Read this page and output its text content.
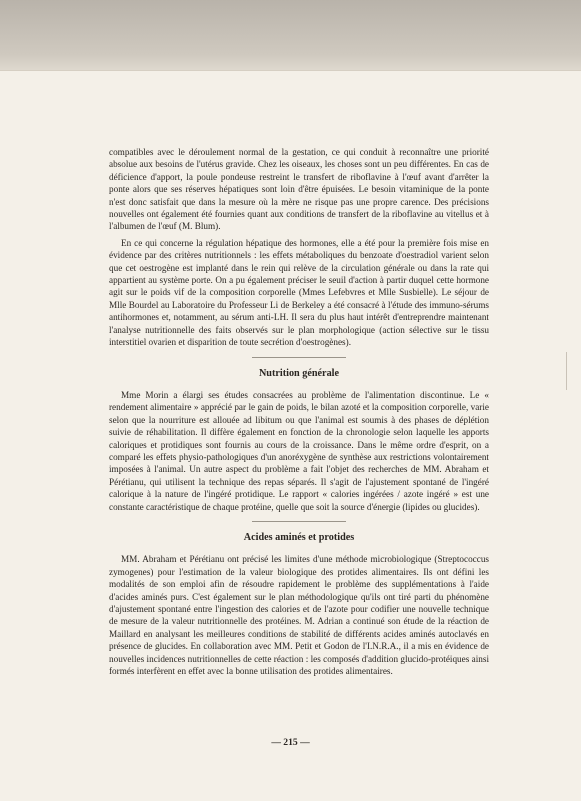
compatibles avec le déroulement normal de la gestation, ce qui conduit à reconnaître une priorité absolue aux besoins de l'utérus gravide. Chez les oiseaux, les choses sont un peu différentes. En cas de déficience d'apport, la poule pondeuse restreint le transfert de riboflavine à l'œuf avant d'arrêter la ponte alors que ses réserves hépatiques sont loin d'être épuisées. Le besoin vitaminique de la ponte n'est donc satisfait que dans la mesure où la mère ne risque pas une propre carence. Des précisions nouvelles ont également été fournies quant aux conditions de transfert de la riboflavine au vitellus et à l'albumen de l'œuf (M. Blum).

En ce qui concerne la régulation hépatique des hormones, elle a été pour la première fois mise en évidence par des critères nutritionnels : les effets métaboliques du benzoate d'oestradiol varient selon que cet oestrogène est implanté dans le rein qui relève de la circulation générale ou dans la rate qui appartient au système porte. On a pu également préciser le seuil d'action à partir duquel cette hormone agit sur le poids vif de la composition corporelle (Mmes Lefebvres et Mlle Susbielle). Le séjour de Mlle Bourdel au Laboratoire du Professeur Li de Berkeley a été consacré à l'étude des immuno-sérums antihormones et, notamment, au sérum anti-LH. Il sera du plus haut intérêt d'entreprendre maintenant l'analyse nutritionnelle des faits observés sur le plan morphologique (action sélective sur le tissu interstitiel ovarien et disparition de toute secrétion d'oestrogènes).

Nutrition générale

Mme Morin a élargi ses études consacrées au problème de l'alimentation discontinue. Le « rendement alimentaire » apprécié par le gain de poids, le bilan azoté et la composition corporelle, varie selon que la nourriture est allouée ad libitum ou que l'animal est soumis à des phases de déplétion suivie de réhabilitation. Il diffère également en fonction de la chronologie selon laquelle les apports caloriques et protidiques sont fournis au cours de la croissance. Dans le même ordre d'esprit, on a comparé les effets physio-pathologiques d'un anoréxygène de synthèse aux restrictions volontairement imposées à l'animal. Un autre aspect du problème a fait l'objet des recherches de MM. Abraham et Pérétianu, qui utilisent la technique des repas séparés. Il s'agit de l'ajustement spontané de l'ingéré calorique à la nature de l'ingéré protidique. Le rapport « calories ingérées / azote ingéré » est une constante caractéristique de chaque protéine, quelle que soit la source d'énergie (lipides ou glucides).

Acides aminés et protides

MM. Abraham et Pérétianu ont précisé les limites d'une méthode microbiologique (Streptococcus zymogenes) pour l'estimation de la valeur biologique des protides alimentaires. Ils ont défini les modalités de son emploi afin de résoudre rapidement le problème des supplémentations à l'aide d'acides aminés purs. C'est également sur le plan méthodologique qu'ils ont tiré parti du phénomène d'ajustement spontané entre l'ingestion des calories et de l'azote pour codifier une nouvelle technique de mesure de la valeur nutritionnelle des protéines. M. Adrian a continué son étude de la réaction de Maillard en analysant les meilleures conditions de stabilité de différents acides aminés autoclavés en présence de glucides. En collaboration avec MM. Petit et Godon de l'I.N.R.A., il a mis en évidence de nouvelles incidences nutritionnelles de cette réaction : les composés d'addition glucido-protéiques ainsi formés interfèrent en effet avec la bonne utilisation des protides alimentaires.

— 215 —
